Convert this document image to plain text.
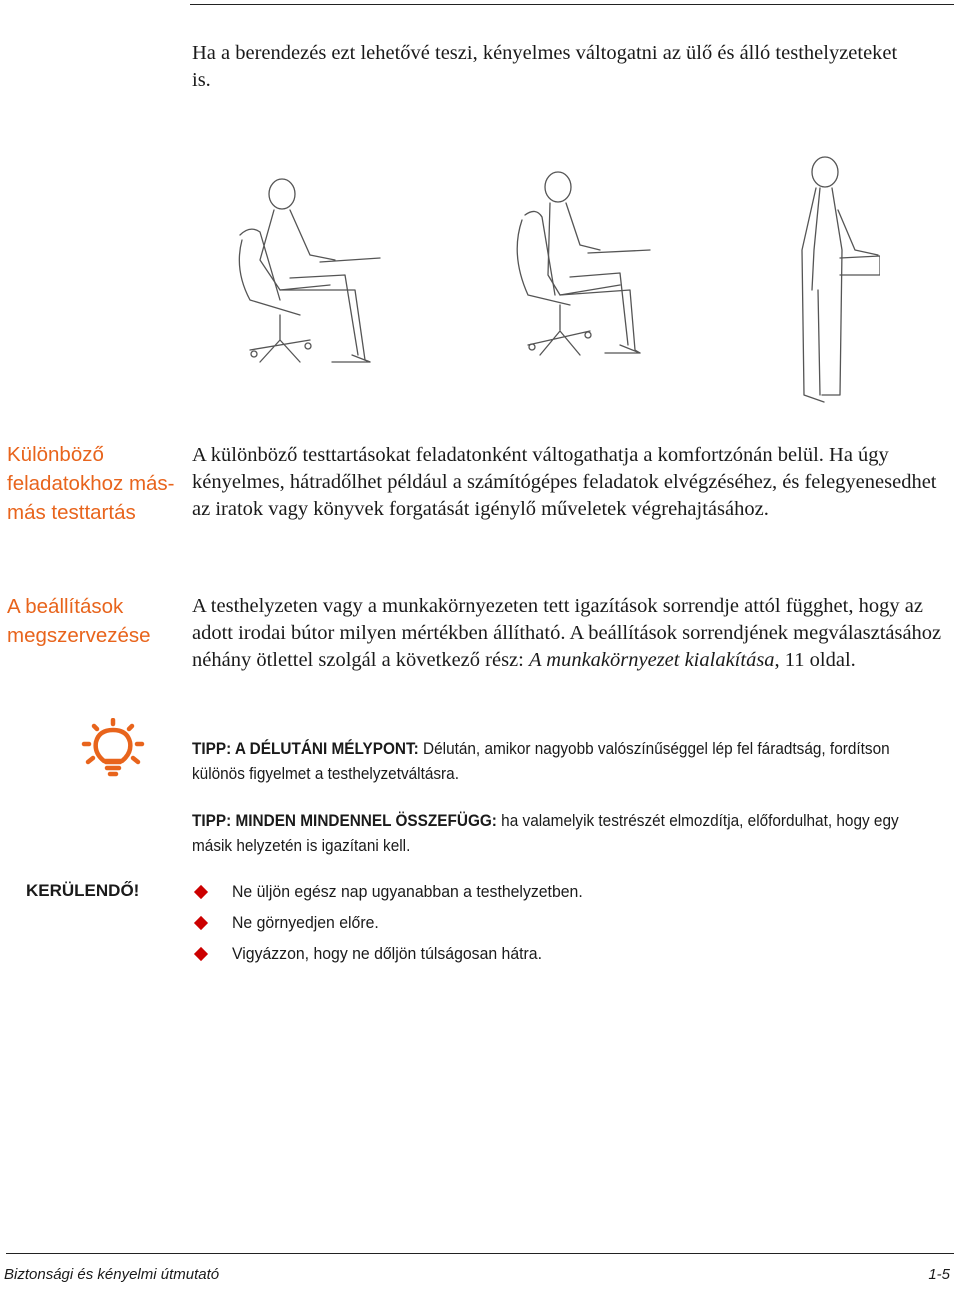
Ha a berendezés ezt lehetővé teszi, kényelmes váltogatni az ülő és álló testhelyzeteket is.

Különböző feladatokhoz más-más testtartás

A különböző testtartásokat feladatonként váltogathatja a komfortzónán belül. Ha úgy kényelmes, hátradőlhet például a számítógépes feladatok elvégzéséhez, és felegyenesedhet az iratok vagy könyvek forgatását igénylő műveletek végrehajtásához.

A beállítások megszervezése

A testhelyzeten vagy a munkakörnyezeten tett igazítások sorrendje attól függhet, hogy az adott irodai bútor milyen mértékben állítható. A beállítások sorrendjének megválasztásához néhány ötlettel szolgál a következő rész: A munkakörnyezet kialakítása, 11 oldal.

TIPP: A DÉLUTÁNI MÉLYPONT: Délután, amikor nagyobb valószínűséggel lép fel fáradtság, fordítson különös figyelmet a testhelyzetváltásra.

TIPP: MINDEN MINDENNEL ÖSSZEFÜGG: ha valamelyik testrészét elmozdítja, előfordulhat, hogy egy másik helyzetén is igazítani kell.

KERÜLENDŐ!	Ne üljön egész nap ugyanabban a testhelyzetben.
Ne görnyedjen előre.
Vigyázzon, hogy ne dőljön túlságosan hátra.
Biztonsági és kényelmi útmutató	1-5
